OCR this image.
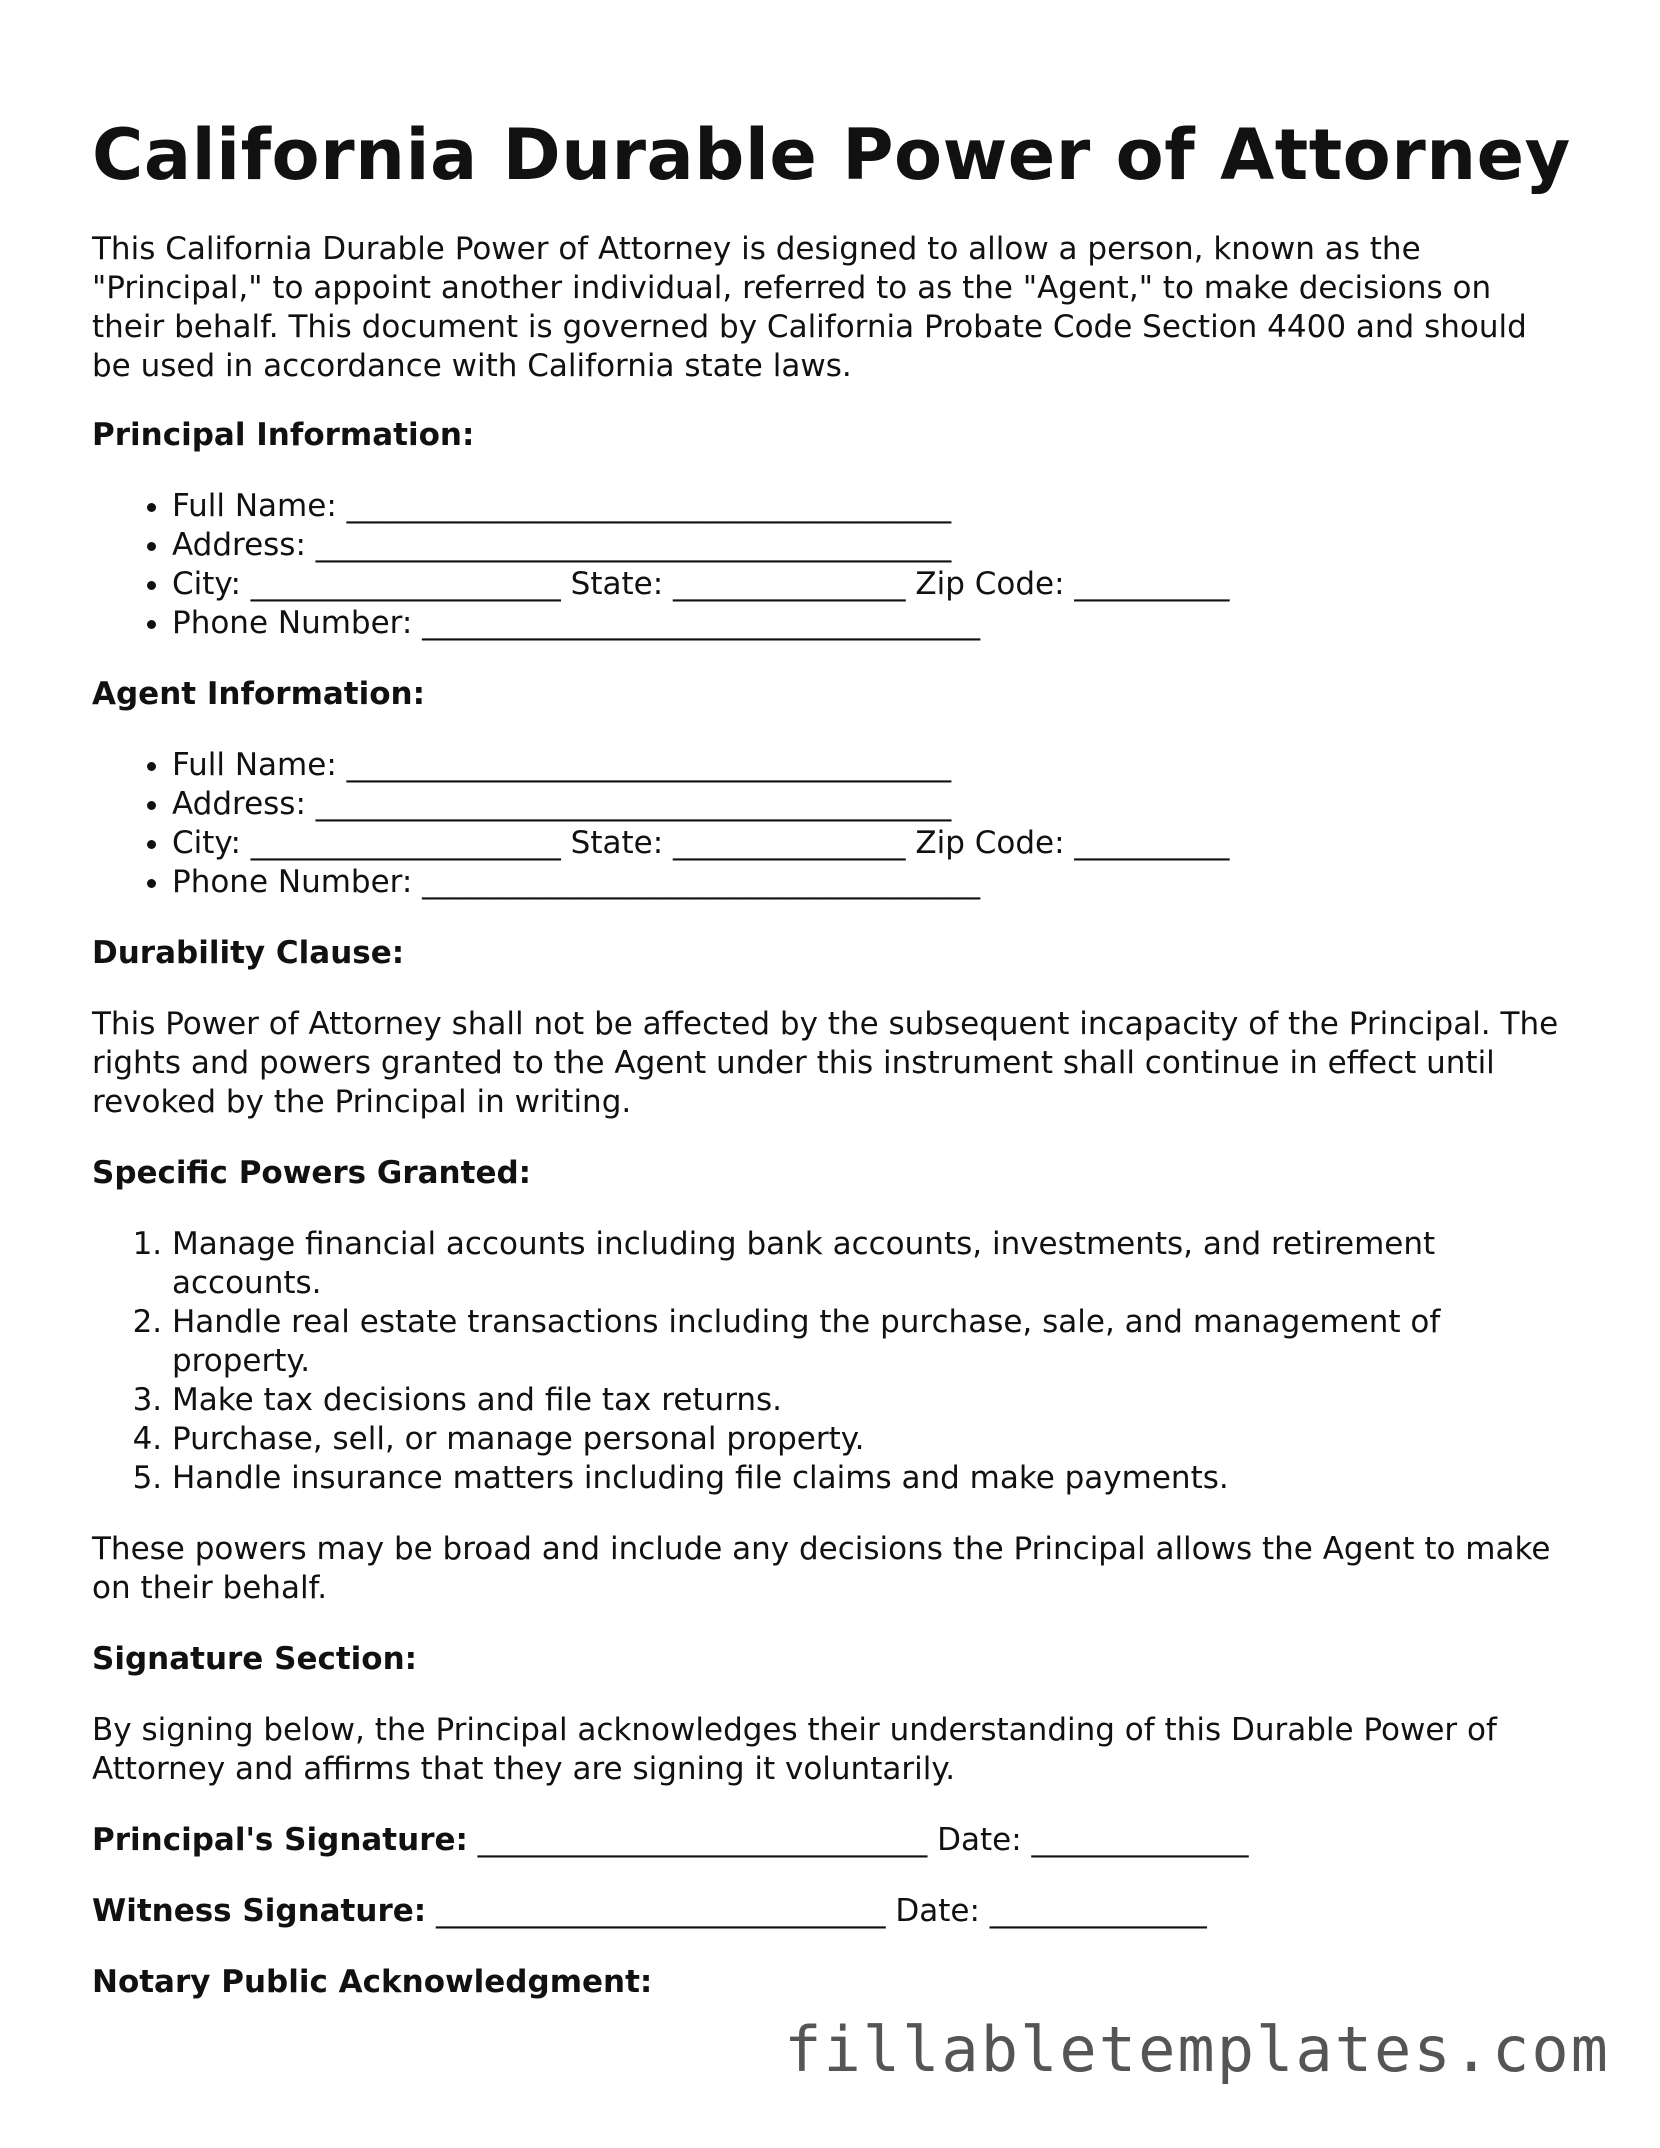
California Durable Power of Attorney

This California Durable Power of Attorney is designed to allow a person, known as the "Principal," to appoint another individual, referred to as the "Agent," to make decisions on their behalf. This document is governed by California Probate Code Section 4400 and should be used in accordance with California state laws.

Principal Information:
• Full Name: _______________________________________
• Address: _________________________________________
• City: ____________________ State: _______________ Zip Code: __________
• Phone Number: ____________________________________
Agent Information:
• Full Name: _______________________________________
• Address: _________________________________________
• City: ____________________ State: _______________ Zip Code: __________
• Phone Number: ____________________________________
Durability Clause:

This Power of Attorney shall not be affected by the subsequent incapacity of the Principal. The rights and powers granted to the Agent under this instrument shall continue in effect until revoked by the Principal in writing.

Specific Powers Granted:
1. Manage financial accounts including bank accounts, investments, and retirement accounts.
2. Handle real estate transactions including the purchase, sale, and management of property.
3. Make tax decisions and file tax returns.
4. Purchase, sell, or manage personal property.
5. Handle insurance matters including file claims and make payments.

These powers may be broad and include any decisions the Principal allows the Agent to make on their behalf.

Signature Section:

By signing below, the Principal acknowledges their understanding of this Durable Power of Attorney and affirms that they are signing it voluntarily.

Principal's Signature: _____________________________ Date: ______________

Witness Signature: _____________________________ Date: ______________

Notary Public Acknowledgment:
fillabletemplates.com
